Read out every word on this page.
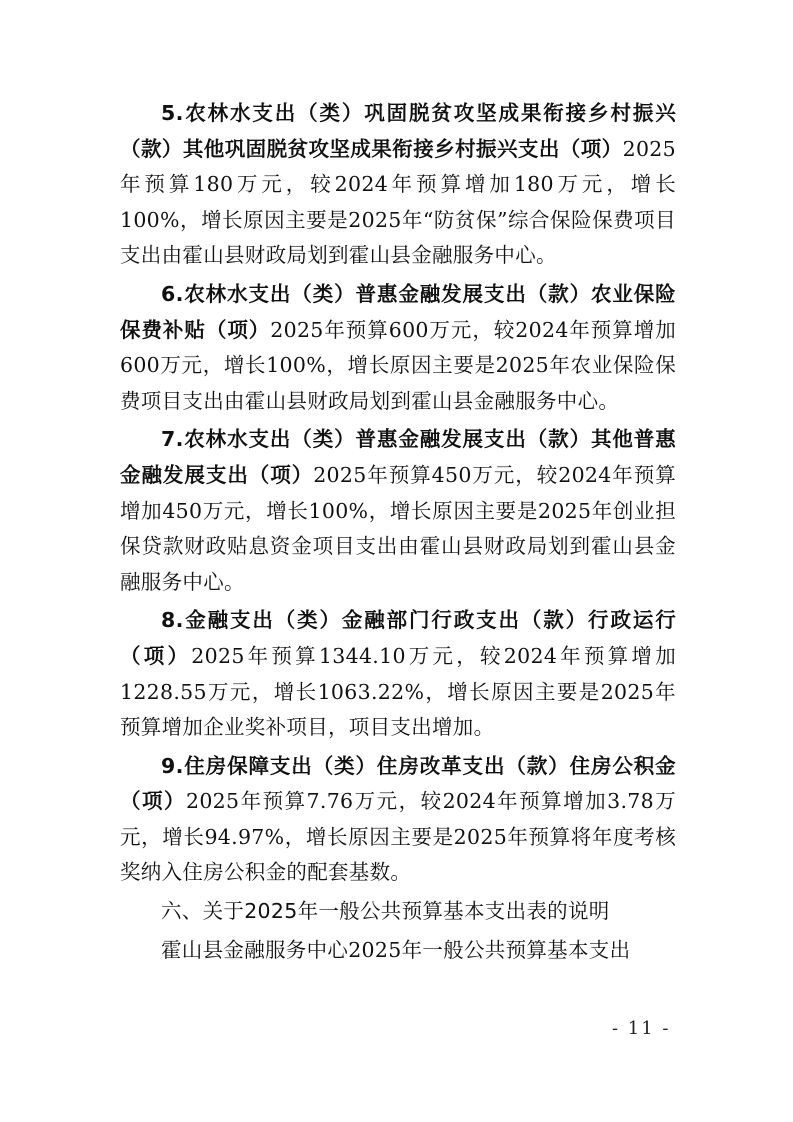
5.农林水支出（类）巩固脱贫攻坚成果衔接乡村振兴（款）其他巩固脱贫攻坚成果衔接乡村振兴支出（项）2025年预算180万元，较2024年预算增加180万元，增长100%，增长原因主要是2025年“防贫保”综合保险保费项目支出由霍山县财政局划到霍山县金融服务中心。

6.农林水支出（类）普惠金融发展支出（款）农业保险保费补贴（项）2025年预算600万元，较2024年预算增加600万元，增长100%，增长原因主要是2025年农业保险保费项目支出由霍山县财政局划到霍山县金融服务中心。

7.农林水支出（类）普惠金融发展支出（款）其他普惠金融发展支出（项）2025年预算450万元，较2024年预算增加450万元，增长100%，增长原因主要是2025年创业担保贷款财政贴息资金项目支出由霍山县财政局划到霍山县金融服务中心。

8.金融支出（类）金融部门行政支出（款）行政运行（项）2025年预算1344.10万元，较2024年预算增加1228.55万元，增长1063.22%，增长原因主要是2025年预算增加企业奖补项目，项目支出增加。

9.住房保障支出（类）住房改革支出（款）住房公积金（项）2025年预算7.76万元，较2024年预算增加3.78万元，增长94.97%，增长原因主要是2025年预算将年度考核奖纳入住房公积金的配套基数。

六、关于2025年一般公共预算基本支出表的说明

霍山县金融服务中心2025年一般公共预算基本支出

- 11 -
